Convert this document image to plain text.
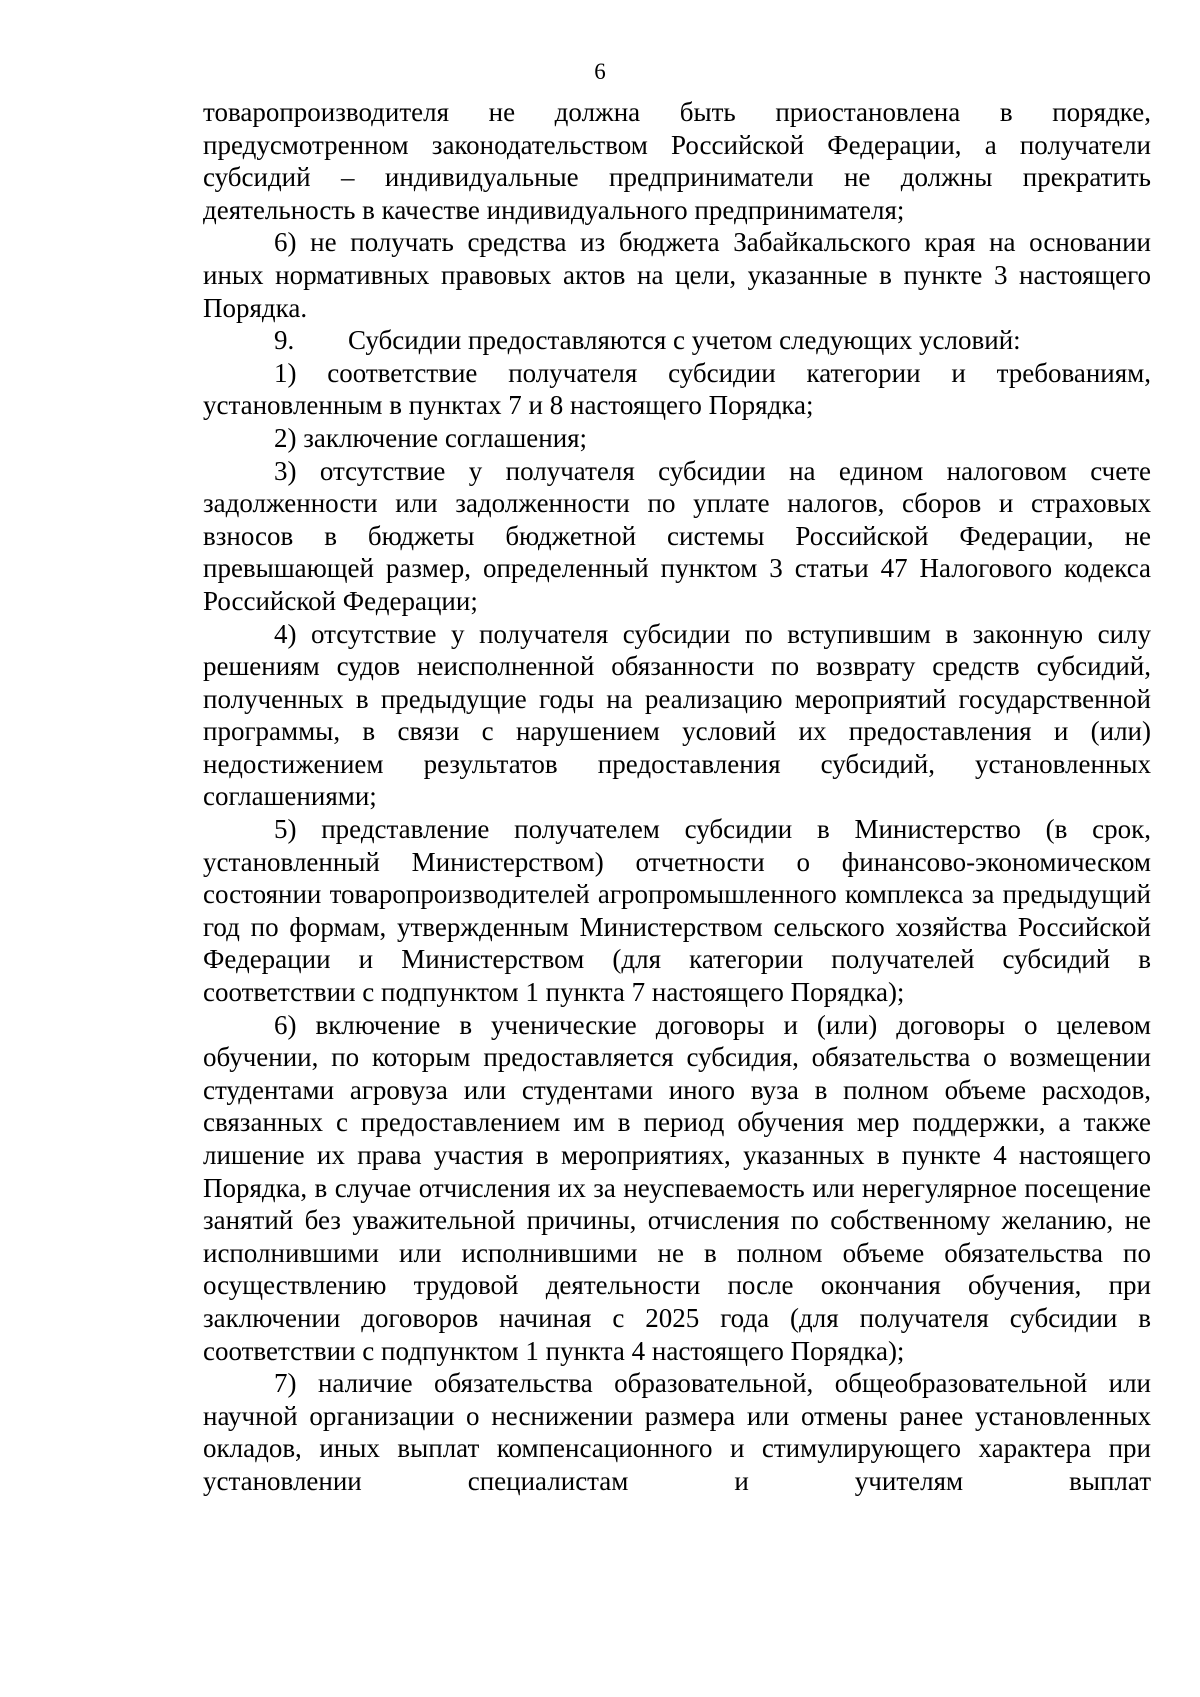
6

товаропроизводителя не должна быть приостановлена в порядке, предусмотренном законодательством Российской Федерации, а получатели субсидий – индивидуальные предприниматели не должны прекратить деятельность в качестве индивидуального предпринимателя;

6) не получать средства из бюджета Забайкальского края на основании иных нормативных правовых актов на цели, указанные в пункте 3 настоящего Порядка.

9. Субсидии предоставляются с учетом следующих условий:

1) соответствие получателя субсидии категории и требованиям, установленным в пунктах 7 и 8 настоящего Порядка;

2) заключение соглашения;

3) отсутствие у получателя субсидии на едином налоговом счете задолженности или задолженности по уплате налогов, сборов и страховых взносов в бюджеты бюджетной системы Российской Федерации, не превышающей размер, определенный пунктом 3 статьи 47 Налогового кодекса Российской Федерации;

4) отсутствие у получателя субсидии по вступившим в законную силу решениям судов неисполненной обязанности по возврату средств субсидий, полученных в предыдущие годы на реализацию мероприятий государственной программы, в связи с нарушением условий их предоставления и (или) недостижением результатов предоставления субсидий, установленных соглашениями;

5) представление получателем субсидии в Министерство (в срок, установленный Министерством) отчетности о финансово-экономическом состоянии товаропроизводителей агропромышленного комплекса за предыдущий год по формам, утвержденным Министерством сельского хозяйства Российской Федерации и Министерством (для категории получателей субсидий в соответствии с подпунктом 1 пункта 7 настоящего Порядка);

6) включение в ученические договоры и (или) договоры о целевом обучении, по которым предоставляется субсидия, обязательства о возмещении студентами агровуза или студентами иного вуза в полном объеме расходов, связанных с предоставлением им в период обучения мер поддержки, а также лишение их права участия в мероприятиях, указанных в пункте 4 настоящего Порядка, в случае отчисления их за неуспеваемость или нерегулярное посещение занятий без уважительной причины, отчисления по собственному желанию, не исполнившими или исполнившими не в полном объеме обязательства по осуществлению трудовой деятельности после окончания обучения, при заключении договоров начиная с 2025 года (для получателя субсидии в соответствии с подпунктом 1 пункта 4 настоящего Порядка);

7) наличие обязательства образовательной, общеобразовательной или научной организации о неснижении размера или отмены ранее установленных окладов, иных выплат компенсационного и стимулирующего характера при установлении специалистам и учителям выплат
